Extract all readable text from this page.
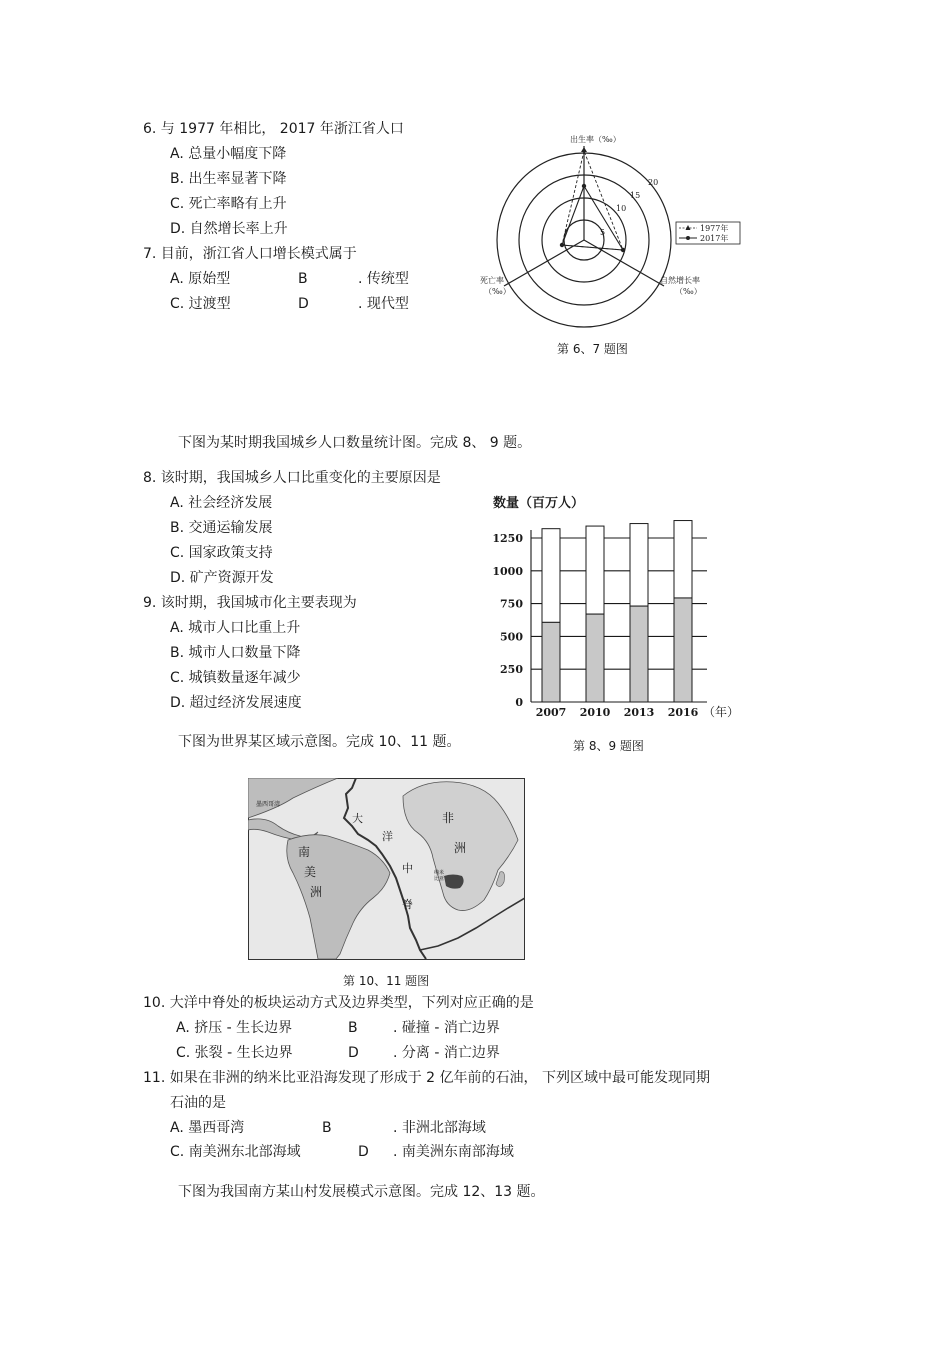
6. 与 1977 年相比， 2017 年浙江省人口
A. 总量小幅度下降
B. 出生率显著下降
C. 死亡率略有上升
D. 自然增长率上升
7. 目前，浙江省人口增长模式属于
A. 原始型	B	. 传统型
C. 过渡型	D	. 现代型
5
10
15
20
出生率（‰）
死亡率
（‰）
自然增长率
（‰）
1977年
2017年
第 6、7 题图
下图为某时期我国城乡人口数量统计图。完成 8、 9 题。
8. 该时期，我国城乡人口比重变化的主要原因是
A. 社会经济发展
B. 交通运输发展
C. 国家政策支持
D. 矿产资源开发
9. 该时期，我国城市化主要表现为
A. 城市人口比重上升
B. 城市人口数量下降
C. 城镇数量逐年减少
D. 超过经济发展速度
数量（百万人）
0
250
500
750
1000
1250
2007 2010 2013 2016 （年）
第 8、9 题图
下图为世界某区域示意图。完成 10、11 题。
墨西哥湾
南
美
洲
非
洲
大
洋
中
脊
纳米
比亚
第 10、11 题图
10. 大洋中脊处的板块运动方式及边界类型，下列对应正确的是
A. 挤压 - 生长边界	B	. 碰撞 - 消亡边界
C. 张裂 - 生长边界	D . 分离 - 消亡边界
11. 如果在非洲的纳米比亚沿海发现了形成于 2 亿年前的石油， 下列区域中最可能发现同期
石油的是
A. 墨西哥湾	B	. 非洲北部海域
C. 南美洲东北部海域	D . 南美洲东南部海域
下图为我国南方某山村发展模式示意图。完成 12、13 题。
